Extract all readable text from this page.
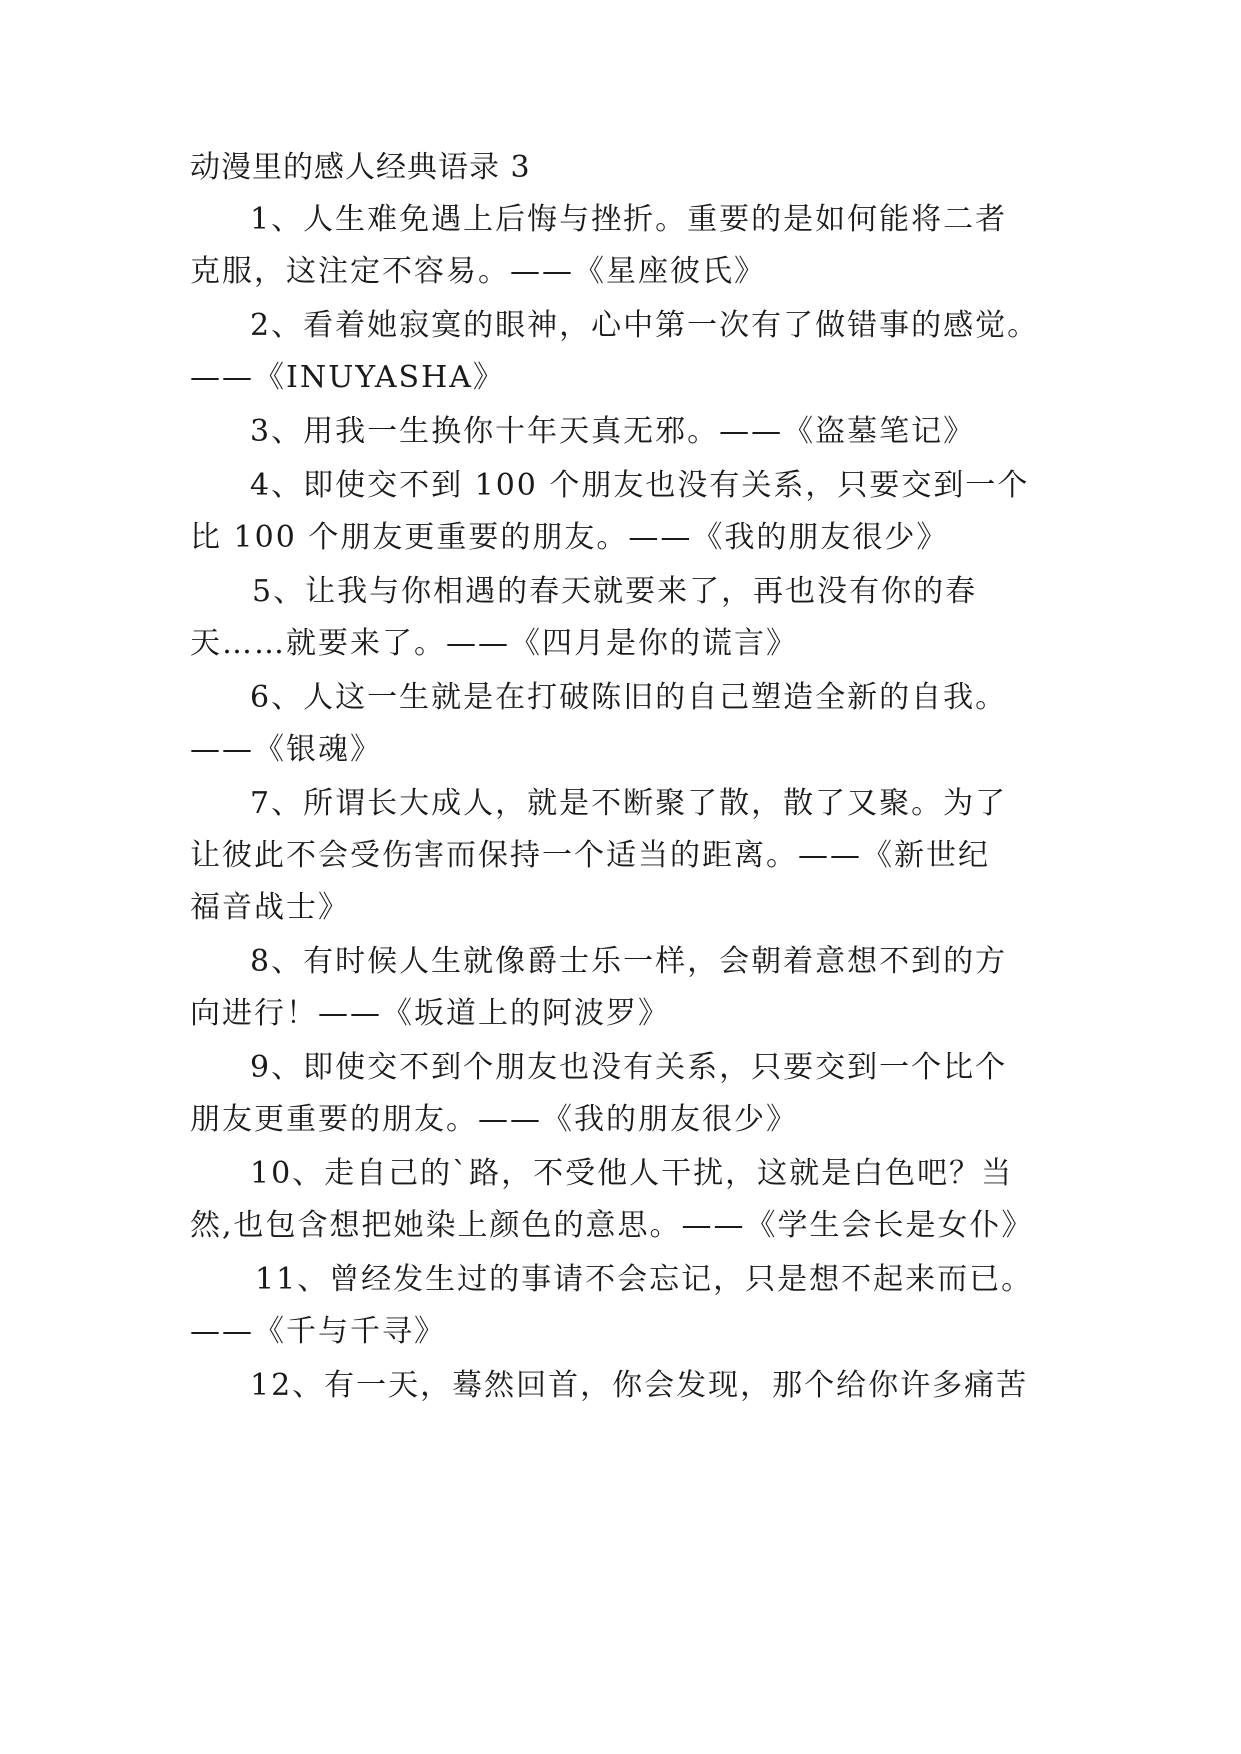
动漫里的感人经典语录 3
1、人生难免遇上后悔与挫折。重要的是如何能将二者
克服，这注定不容易。——《星座彼氏》
2、看着她寂寞的眼神，心中第一次有了做错事的感觉。
——《INUYASHA》
3、用我一生换你十年天真无邪。——《盗墓笔记》
4、即使交不到 100 个朋友也没有关系，只要交到一个
比 100 个朋友更重要的朋友。——《我的朋友很少》
5、让我与你相遇的春天就要来了，再也没有你的春
天……就要来了。——《四月是你的谎言》
6、人这一生就是在打破陈旧的自己塑造全新的自我。
——《银魂》
7、所谓长大成人，就是不断聚了散，散了又聚。为了
让彼此不会受伤害而保持一个适当的距离。——《新世纪
福音战士》
8、有时候人生就像爵士乐一样，会朝着意想不到的方
向进行！——《坂道上的阿波罗》
9、即使交不到个朋友也没有关系，只要交到一个比个
朋友更重要的朋友。——《我的朋友很少》
10、走自己的`路，不受他人干扰，这就是白色吧？当
然,也包含想把她染上颜色的意思。——《学生会长是女仆》
11、曾经发生过的事请不会忘记，只是想不起来而已。
——《千与千寻》
12、有一天，蓦然回首，你会发现，那个给你许多痛苦
